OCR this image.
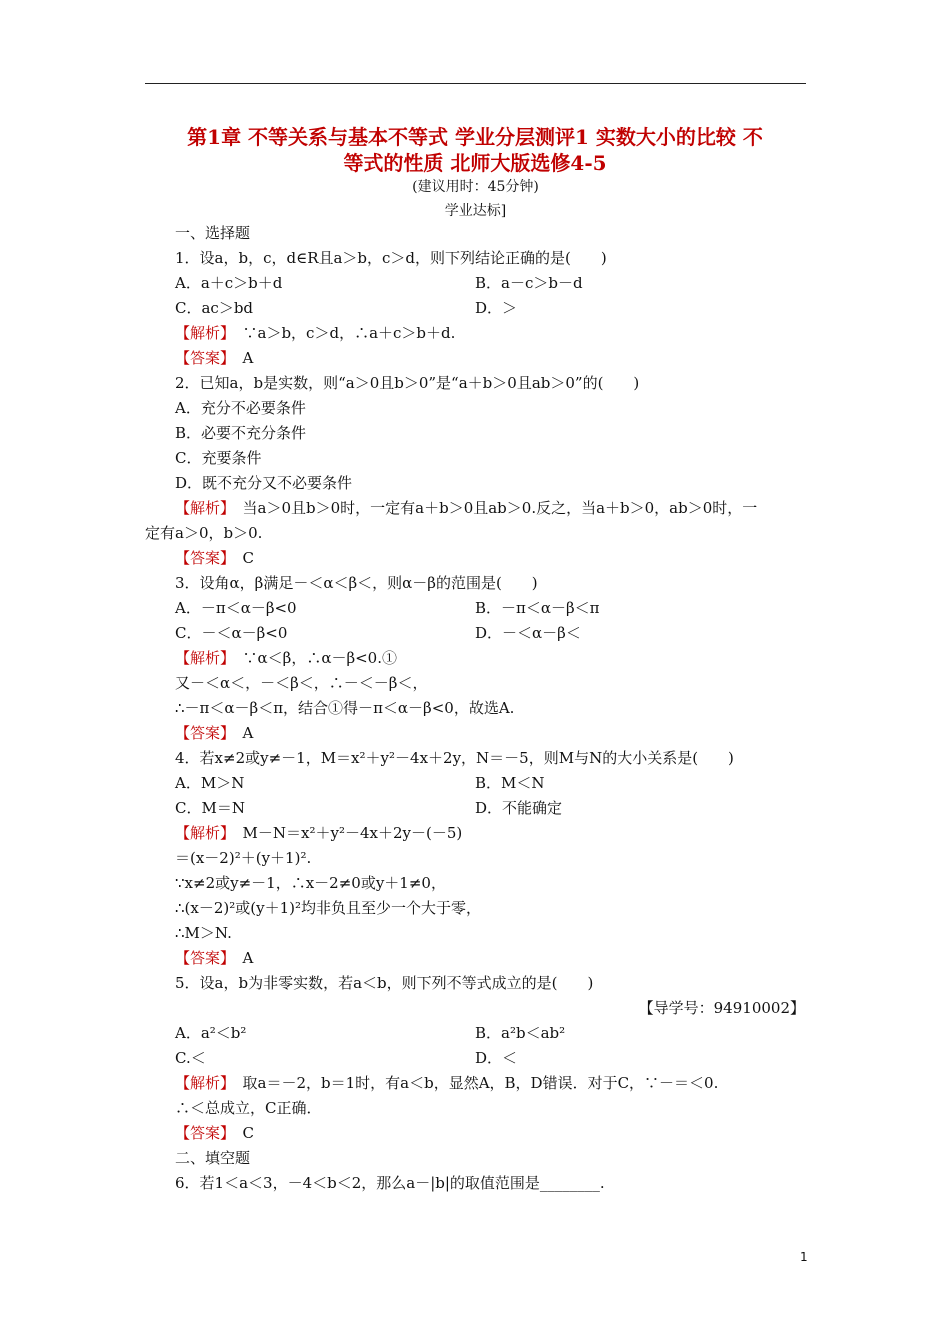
第1章 不等关系与基本不等式 学业分层测评1 实数大小的比较 不
等式的性质 北师大版选修4-5
(建议用时：45分钟)
学业达标]
一、选择题
1．设a，b，c，d∈R且a＞b，c＞d，则下列结论正确的是(　　)
A．a＋c＞b＋d	B．a－c＞b－d
C．ac＞bd	D．＞
【解析】　∵a＞b，c＞d，∴a＋c＞b＋d.
【答案】　A
2．已知a，b是实数，则“a＞0且b＞0”是“a＋b＞0且ab＞0”的(　　)
A．充分不必要条件
B．必要不充分条件
C．充要条件
D．既不充分又不必要条件
【解析】　当a＞0且b＞0时，一定有a＋b＞0且ab＞0.反之，当a＋b＞0，ab＞0时，一
定有a＞0，b＞0.
【答案】　C
3．设角α，β满足－＜α＜β＜，则α－β的范围是(　　)
A．－π＜α－β<0	B．－π＜α－β＜π
C．－＜α－β<0	D．－＜α－β＜
【解析】　∵α＜β，∴α－β<0.①
又－＜α＜，－＜β＜，∴－＜－β＜，
∴－π＜α－β＜π，结合①得－π＜α－β<0，故选A.
【答案】　A
4．若x≠2或y≠－1，M＝x²＋y²－4x＋2y，N＝－5，则M与N的大小关系是(　　)
A．M＞N	B．M＜N
C．M＝N	D．不能确定
【解析】　M－N＝x²＋y²－4x＋2y－(－5)
＝(x－2)²＋(y＋1)².
∵x≠2或y≠－1，∴x－2≠0或y＋1≠0，
∴(x－2)²或(y＋1)²均非负且至少一个大于零，
∴M＞N.
【答案】　A
5．设a，b为非零实数，若a＜b，则下列不等式成立的是(　　)
【导学号：94910002】
A．a²＜b²	B．a²b＜ab²
C.＜	D．＜
【解析】　取a＝－2，b＝1时，有a＜b，显然A，B，D错误．对于C，∵－＝＜0.
∴＜总成立，C正确．
【答案】　C
二、填空题
6．若1＜a＜3，－4＜b＜2，那么a－|b|的取值范围是________.
1
